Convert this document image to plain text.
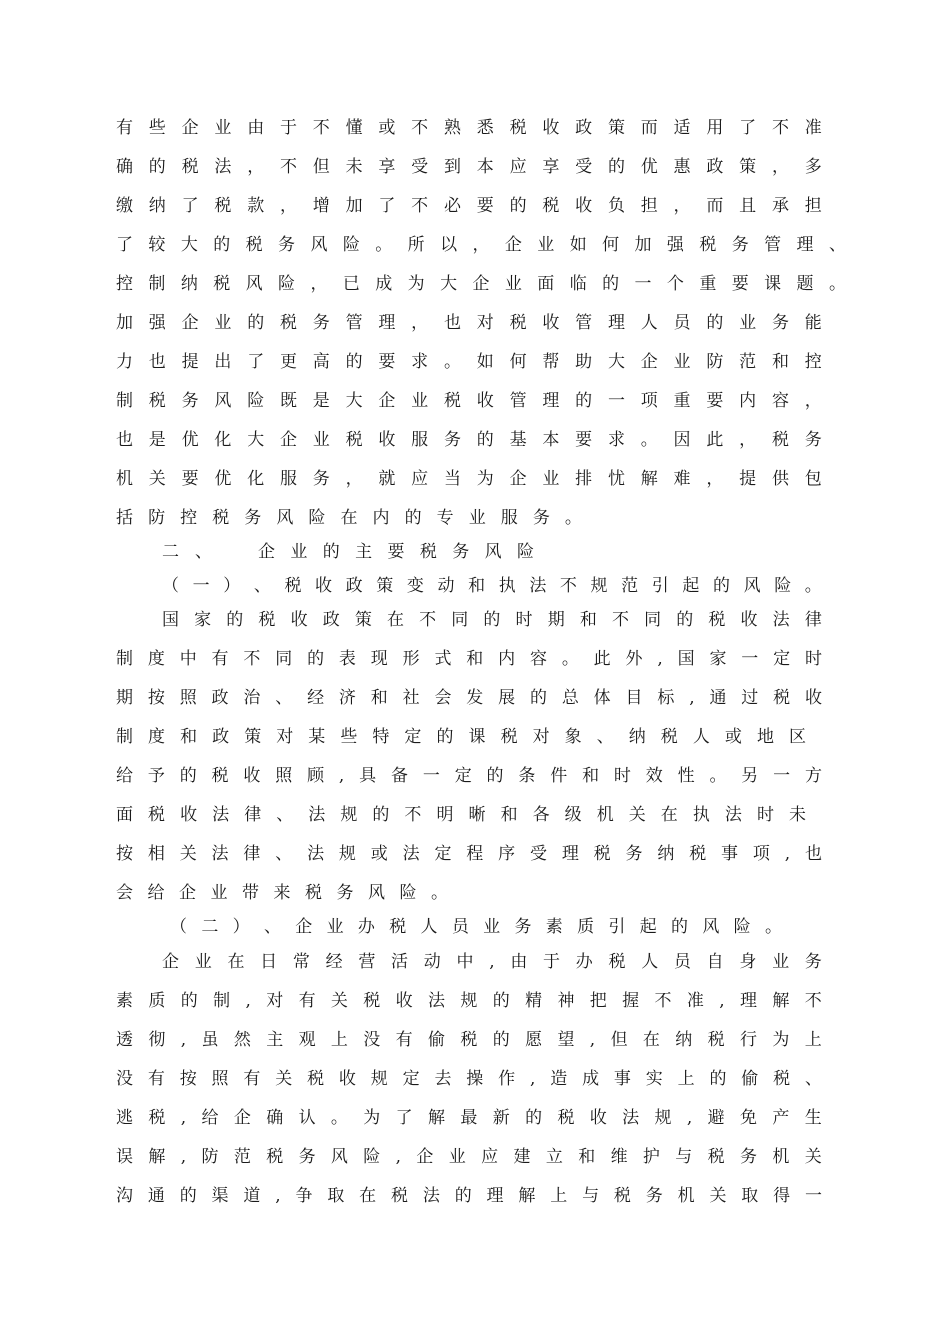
有 些 企 业 由 于 不 懂 或 不 熟 悉 税 收 政 策 而 适 用 了 不 准
确 的 税 法 ， 不 但 未 享 受 到 本 应 享 受 的 优 惠 政 策 ， 多
缴 纳 了 税 款 ， 增 加 了 不 必 要 的 税 收 负 担 ， 而 且 承 担
了 较 大 的 税 务 风 险 。 所 以 ， 企 业 如 何 加 强 税 务 管 理 、
控 制 纳 税 风 险 ， 已 成 为 大 企 业 面 临 的 一 个 重 要 课 题 。
加 强 企 业 的 税 务 管 理 ， 也 对 税 收 管 理 人 员 的 业 务 能
力 也 提 出 了 更 高 的 要 求 。 如 何 帮 助 大 企 业 防 范 和 控
制 税 务 风 险 既 是 大 企 业 税 收 管 理 的 一 项 重 要 内 容 ，
也 是 优 化 大 企 业 税 收 服 务 的 基 本 要 求 。 因 此 ， 税 务
机 关 要 优 化 服 务 ， 就 应 当 为 企 业 排 忧 解 难 ， 提 供 包
括 防 控 税 务 风 险 在 内 的 专 业 服 务 。
二 、	企 业 的 主 要 税 务 风 险
（ 一 ） 、 税 收 政 策 变 动 和 执 法 不 规 范 引 起 的 风 险 。
国 家 的 税 收 政 策 在 不 同 的 时 期 和 不 同 的 税 收 法 律
制 度 中 有 不 同 的 表 现 形 式 和 内 容 。 此 外 , 国 家 一 定 时
期 按 照 政 治 、 经 济 和 社 会 发 展 的 总 体 目 标 , 通 过 税 收
制 度 和 政 策 对 某 些 特 定 的 课 税 对 象 、 纳 税 人 或 地 区
给 予 的 税 收 照 顾 , 具 备 一 定 的 条 件 和 时 效 性 。 另 一 方
面 税 收 法 律 、 法 规 的 不 明 晰 和 各 级 机 关 在 执 法 时 未
按 相 关 法 律 、 法 规 或 法 定 程 序 受 理 税 务 纳 税 事 项 , 也
会 给 企 业 带 来 税 务 风 险 。
（ 二 ） 、 企 业 办 税 人 员 业 务 素 质 引 起 的 风 险 。
企 业 在 日 常 经 营 活 动 中 , 由 于 办 税 人 员 自 身 业 务
素 质 的 制 , 对 有 关 税 收 法 规 的 精 神 把 握 不 准 , 理 解 不
透 彻 , 虽 然 主 观 上 没 有 偷 税 的 愿 望 , 但 在 纳 税 行 为 上
没 有 按 照 有 关 税 收 规 定 去 操 作 , 造 成 事 实 上 的 偷 税 、
逃 税 , 给 企 确 认 。 为 了 解 最 新 的 税 收 法 规 , 避 免 产 生
误 解 , 防 范 税 务 风 险 , 企 业 应 建 立 和 维 护 与 税 务 机 关
沟 通 的 渠 道 , 争 取 在 税 法 的 理 解 上 与 税 务 机 关 取 得 一
